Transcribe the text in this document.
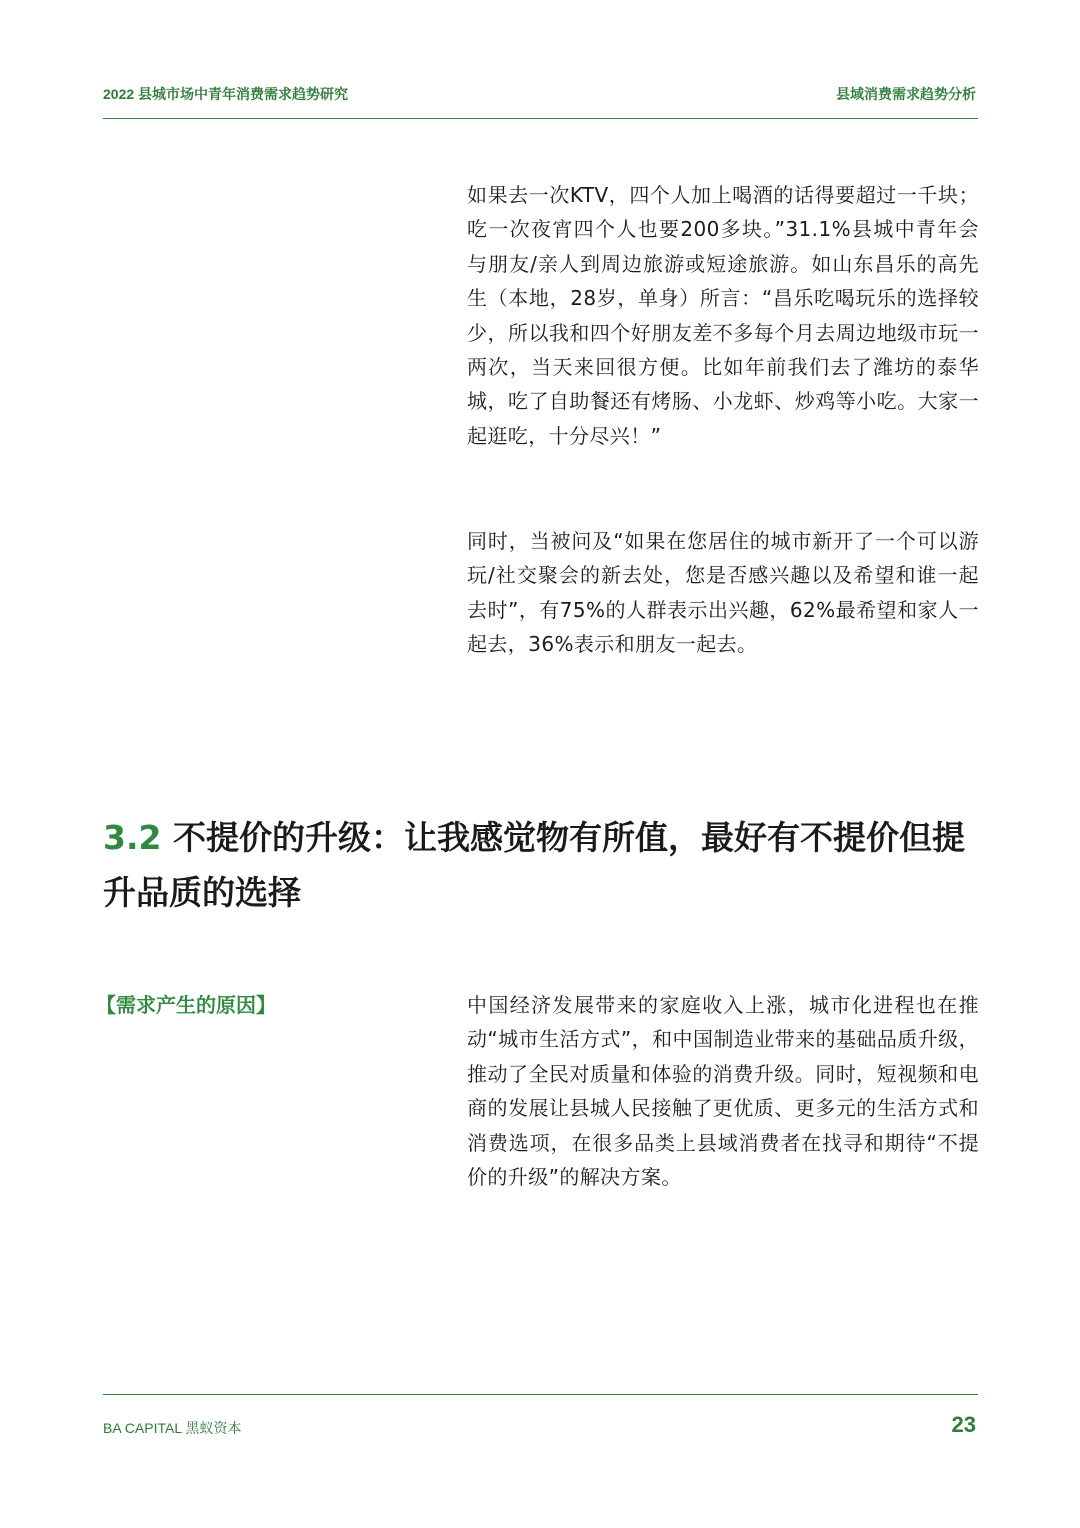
2022 县城市场中青年消费需求趋势研究	县域消费需求趋势分析

如果去一次KTV，四个人加上喝酒的话得要超过一千块；吃一次夜宵四个人也要200多块。”31.1%县城中青年会与朋友/亲人到周边旅游或短途旅游。如山东昌乐的高先生（本地，28岁，单身）所言：“昌乐吃喝玩乐的选择较少，所以我和四个好朋友差不多每个月去周边地级市玩一两次，当天来回很方便。比如年前我们去了潍坊的泰华城，吃了自助餐还有烤肠、小龙虾、炒鸡等小吃。大家一起逛吃，十分尽兴！”

同时，当被问及“如果在您居住的城市新开了一个可以游玩/社交聚会的新去处，您是否感兴趣以及希望和谁一起去时”，有75%的人群表示出兴趣，62%最希望和家人一起去，36%表示和朋友一起去。

3.2 不提价的升级：让我感觉物有所值，最好有不提价但提升品质的选择

【需求产生的原因】	中国经济发展带来的家庭收入上涨，城市化进程也在推动“城市生活方式”，和中国制造业带来的基础品质升级，推动了全民对质量和体验的消费升级。同时，短视频和电商的发展让县城人民接触了更优质、更多元的生活方式和消费选项，在很多品类上县域消费者在找寻和期待“不提价的升级”的解决方案。

BA CAPITAL 黑蚁资本	23
